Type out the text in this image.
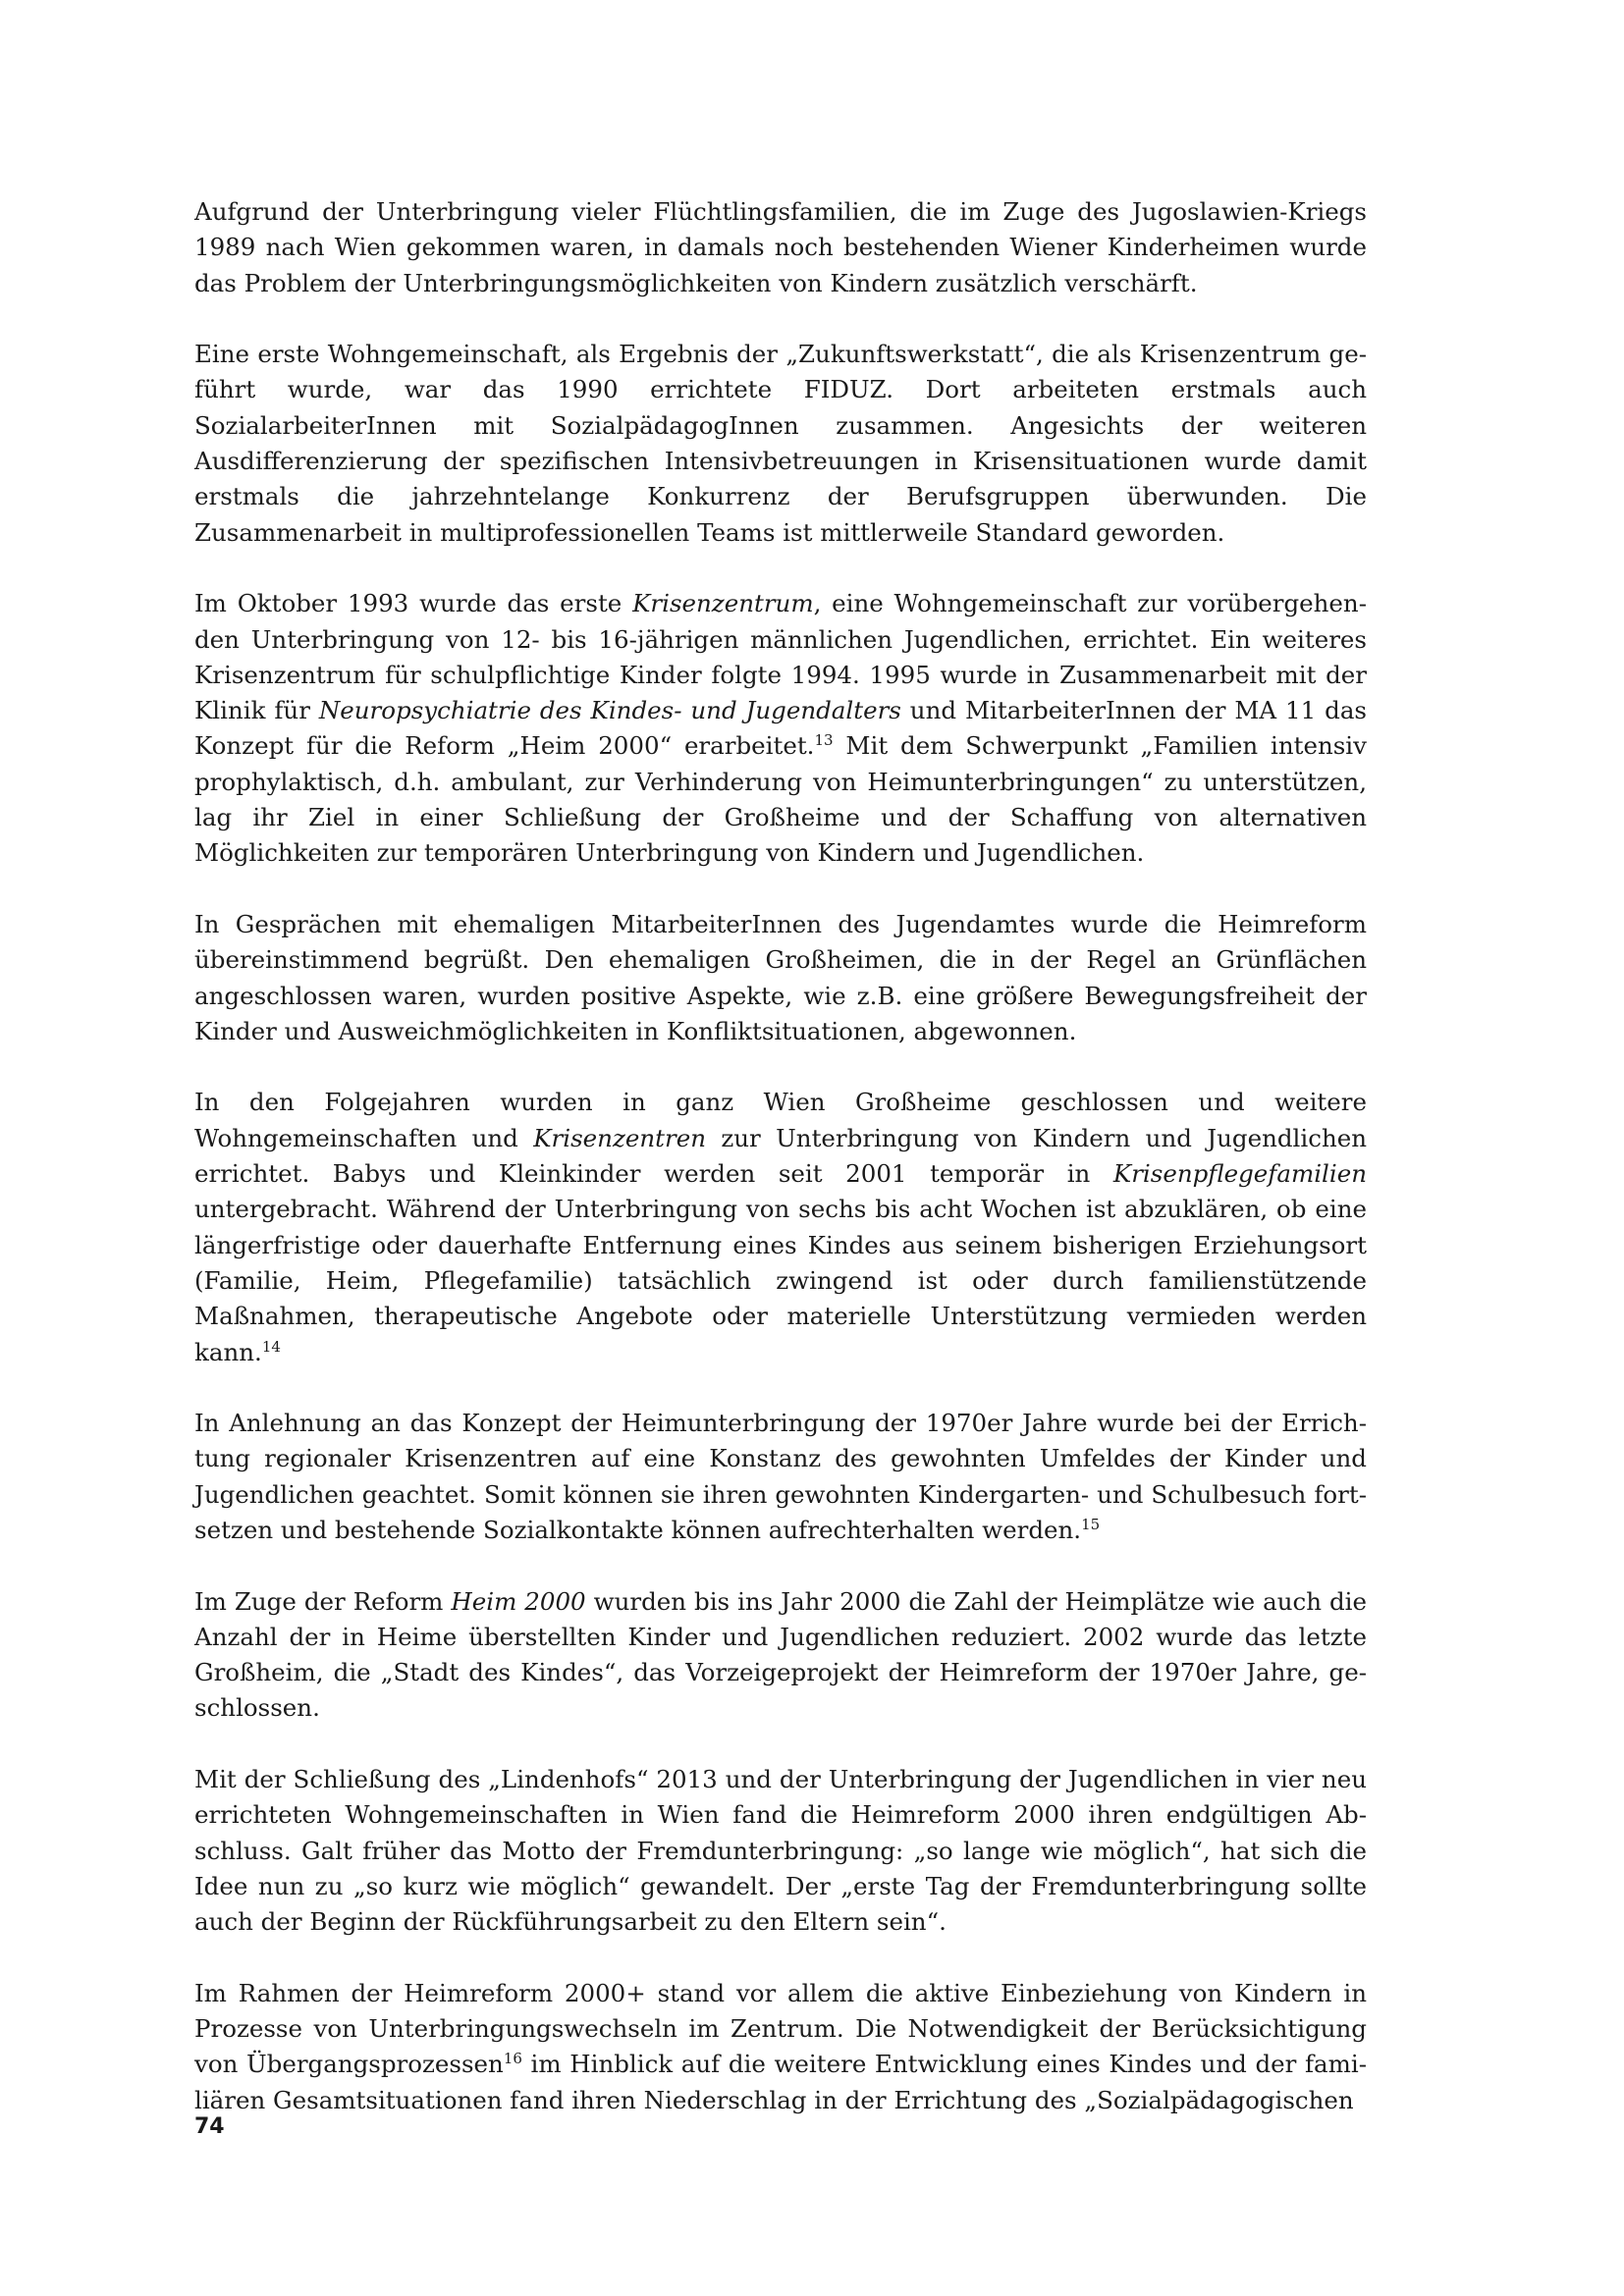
Aufgrund der Unterbringung vieler Flüchtlingsfamilien, die im Zuge des Jugoslawien-Kriegs 1989 nach Wien gekommen waren, in damals noch bestehenden Wiener Kinderheimen wurde das Problem der Unterbringungsmöglichkeiten von Kindern zusätzlich verschärft.

Eine erste Wohngemeinschaft, als Ergebnis der „Zukunftswerkstatt“, die als Krisenzentrum geführt wurde, war das 1990 errichtete FIDUZ. Dort arbeiteten erstmals auch SozialarbeiterInnen mit SozialpädagogInnen zusammen. Angesichts der weiteren Ausdifferenzierung der spezifischen Intensivbetreuungen in Krisensituationen wurde damit erstmals die jahrzehntelange Konkurrenz der Berufsgruppen überwunden. Die Zusammenarbeit in multiprofessionellen Teams ist mittlerweile Standard geworden.

Im Oktober 1993 wurde das erste Krisenzentrum, eine Wohngemeinschaft zur vorübergehenden Unterbringung von 12- bis 16-jährigen männlichen Jugendlichen, errichtet. Ein weiteres Krisenzentrum für schulpflichtige Kinder folgte 1994. 1995 wurde in Zusammenarbeit mit der Klinik für Neuropsychiatrie des Kindes- und Jugendalters und MitarbeiterInnen der MA 11 das Konzept für die Reform „Heim 2000“ erarbeitet.$^{13}$ Mit dem Schwerpunkt „Familien intensiv prophylaktisch, d.h. ambulant, zur Verhinderung von Heimunterbringungen“ zu unterstützen, lag ihr Ziel in einer Schließung der Großheime und der Schaffung von alternativen Möglichkeiten zur temporären Unterbringung von Kindern und Jugendlichen.

In Gesprächen mit ehemaligen MitarbeiterInnen des Jugendamtes wurde die Heimreform übereinstimmend begrüßt. Den ehemaligen Großheimen, die in der Regel an Grünflächen angeschlossen waren, wurden positive Aspekte, wie z.B. eine größere Bewegungsfreiheit der Kinder und Ausweichmöglichkeiten in Konfliktsituationen, abgewonnen.

In den Folgejahren wurden in ganz Wien Großheime geschlossen und weitere Wohngemeinschaften und Krisenzentren zur Unterbringung von Kindern und Jugendlichen errichtet. Babys und Kleinkinder werden seit 2001 temporär in Krisenpflegefamilien untergebracht. Während der Unterbringung von sechs bis acht Wochen ist abzuklären, ob eine längerfristige oder dauerhafte Entfernung eines Kindes aus seinem bisherigen Erziehungsort (Familie, Heim, Pflegefamilie) tatsächlich zwingend ist oder durch familienstützende Maßnahmen, therapeutische Angebote oder materielle Unterstützung vermieden werden kann.$^{14}$

In Anlehnung an das Konzept der Heimunterbringung der 1970er Jahre wurde bei der Errichtung regionaler Krisenzentren auf eine Konstanz des gewohnten Umfeldes der Kinder und Jugendlichen geachtet. Somit können sie ihren gewohnten Kindergarten- und Schulbesuch fortsetzen und bestehende Sozialkontakte können aufrechterhalten werden.$^{15}$

Im Zuge der Reform Heim 2000 wurden bis ins Jahr 2000 die Zahl der Heimplätze wie auch die Anzahl der in Heime überstellten Kinder und Jugendlichen reduziert. 2002 wurde das letzte Großheim, die „Stadt des Kindes“, das Vorzeigeprojekt der Heimreform der 1970er Jahre, geschlossen.

Mit der Schließung des „Lindenhofs“ 2013 und der Unterbringung der Jugendlichen in vier neu errichteten Wohngemeinschaften in Wien fand die Heimreform 2000 ihren endgültigen Abschluss. Galt früher das Motto der Fremdunterbringung: „so lange wie möglich“, hat sich die Idee nun zu „so kurz wie möglich“ gewandelt. Der „erste Tag der Fremdunterbringung sollte auch der Beginn der Rückführungsarbeit zu den Eltern sein“.

Im Rahmen der Heimreform 2000+ stand vor allem die aktive Einbeziehung von Kindern in Prozesse von Unterbringungswechseln im Zentrum. Die Notwendigkeit der Berücksichtigung von Übergangsprozessen$^{16}$ im Hinblick auf die weitere Entwicklung eines Kindes und der familiären Gesamtsituationen fand ihren Niederschlag in der Errichtung des „Sozialpädagogischen

74
